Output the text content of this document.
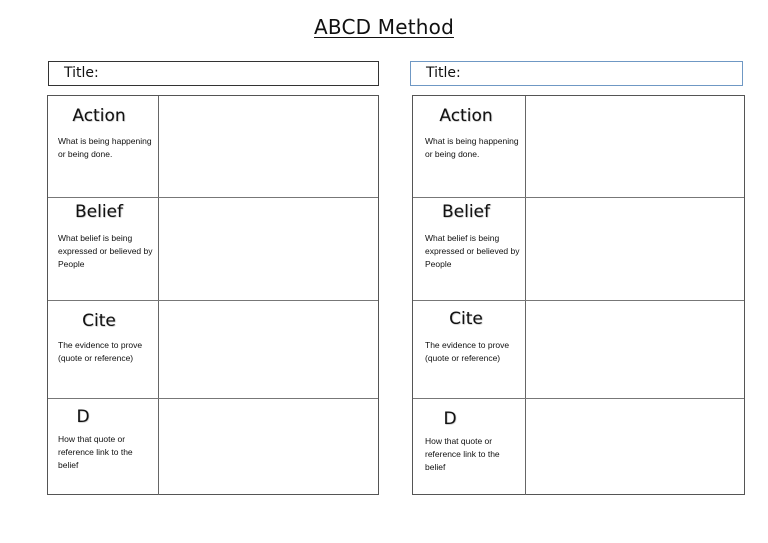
ABCD Method
Title:
Action
What is being happening or being done.
Belief
What belief is being expressed or believed by People
Cite
The evidence to prove (quote or reference)
D
How that quote or reference link to the belief
Title:
Action
What is being happening or being done.
Belief
What belief is being expressed or believed by People
Cite
The evidence to prove (quote or reference)
D
How that quote or reference link to the belief
